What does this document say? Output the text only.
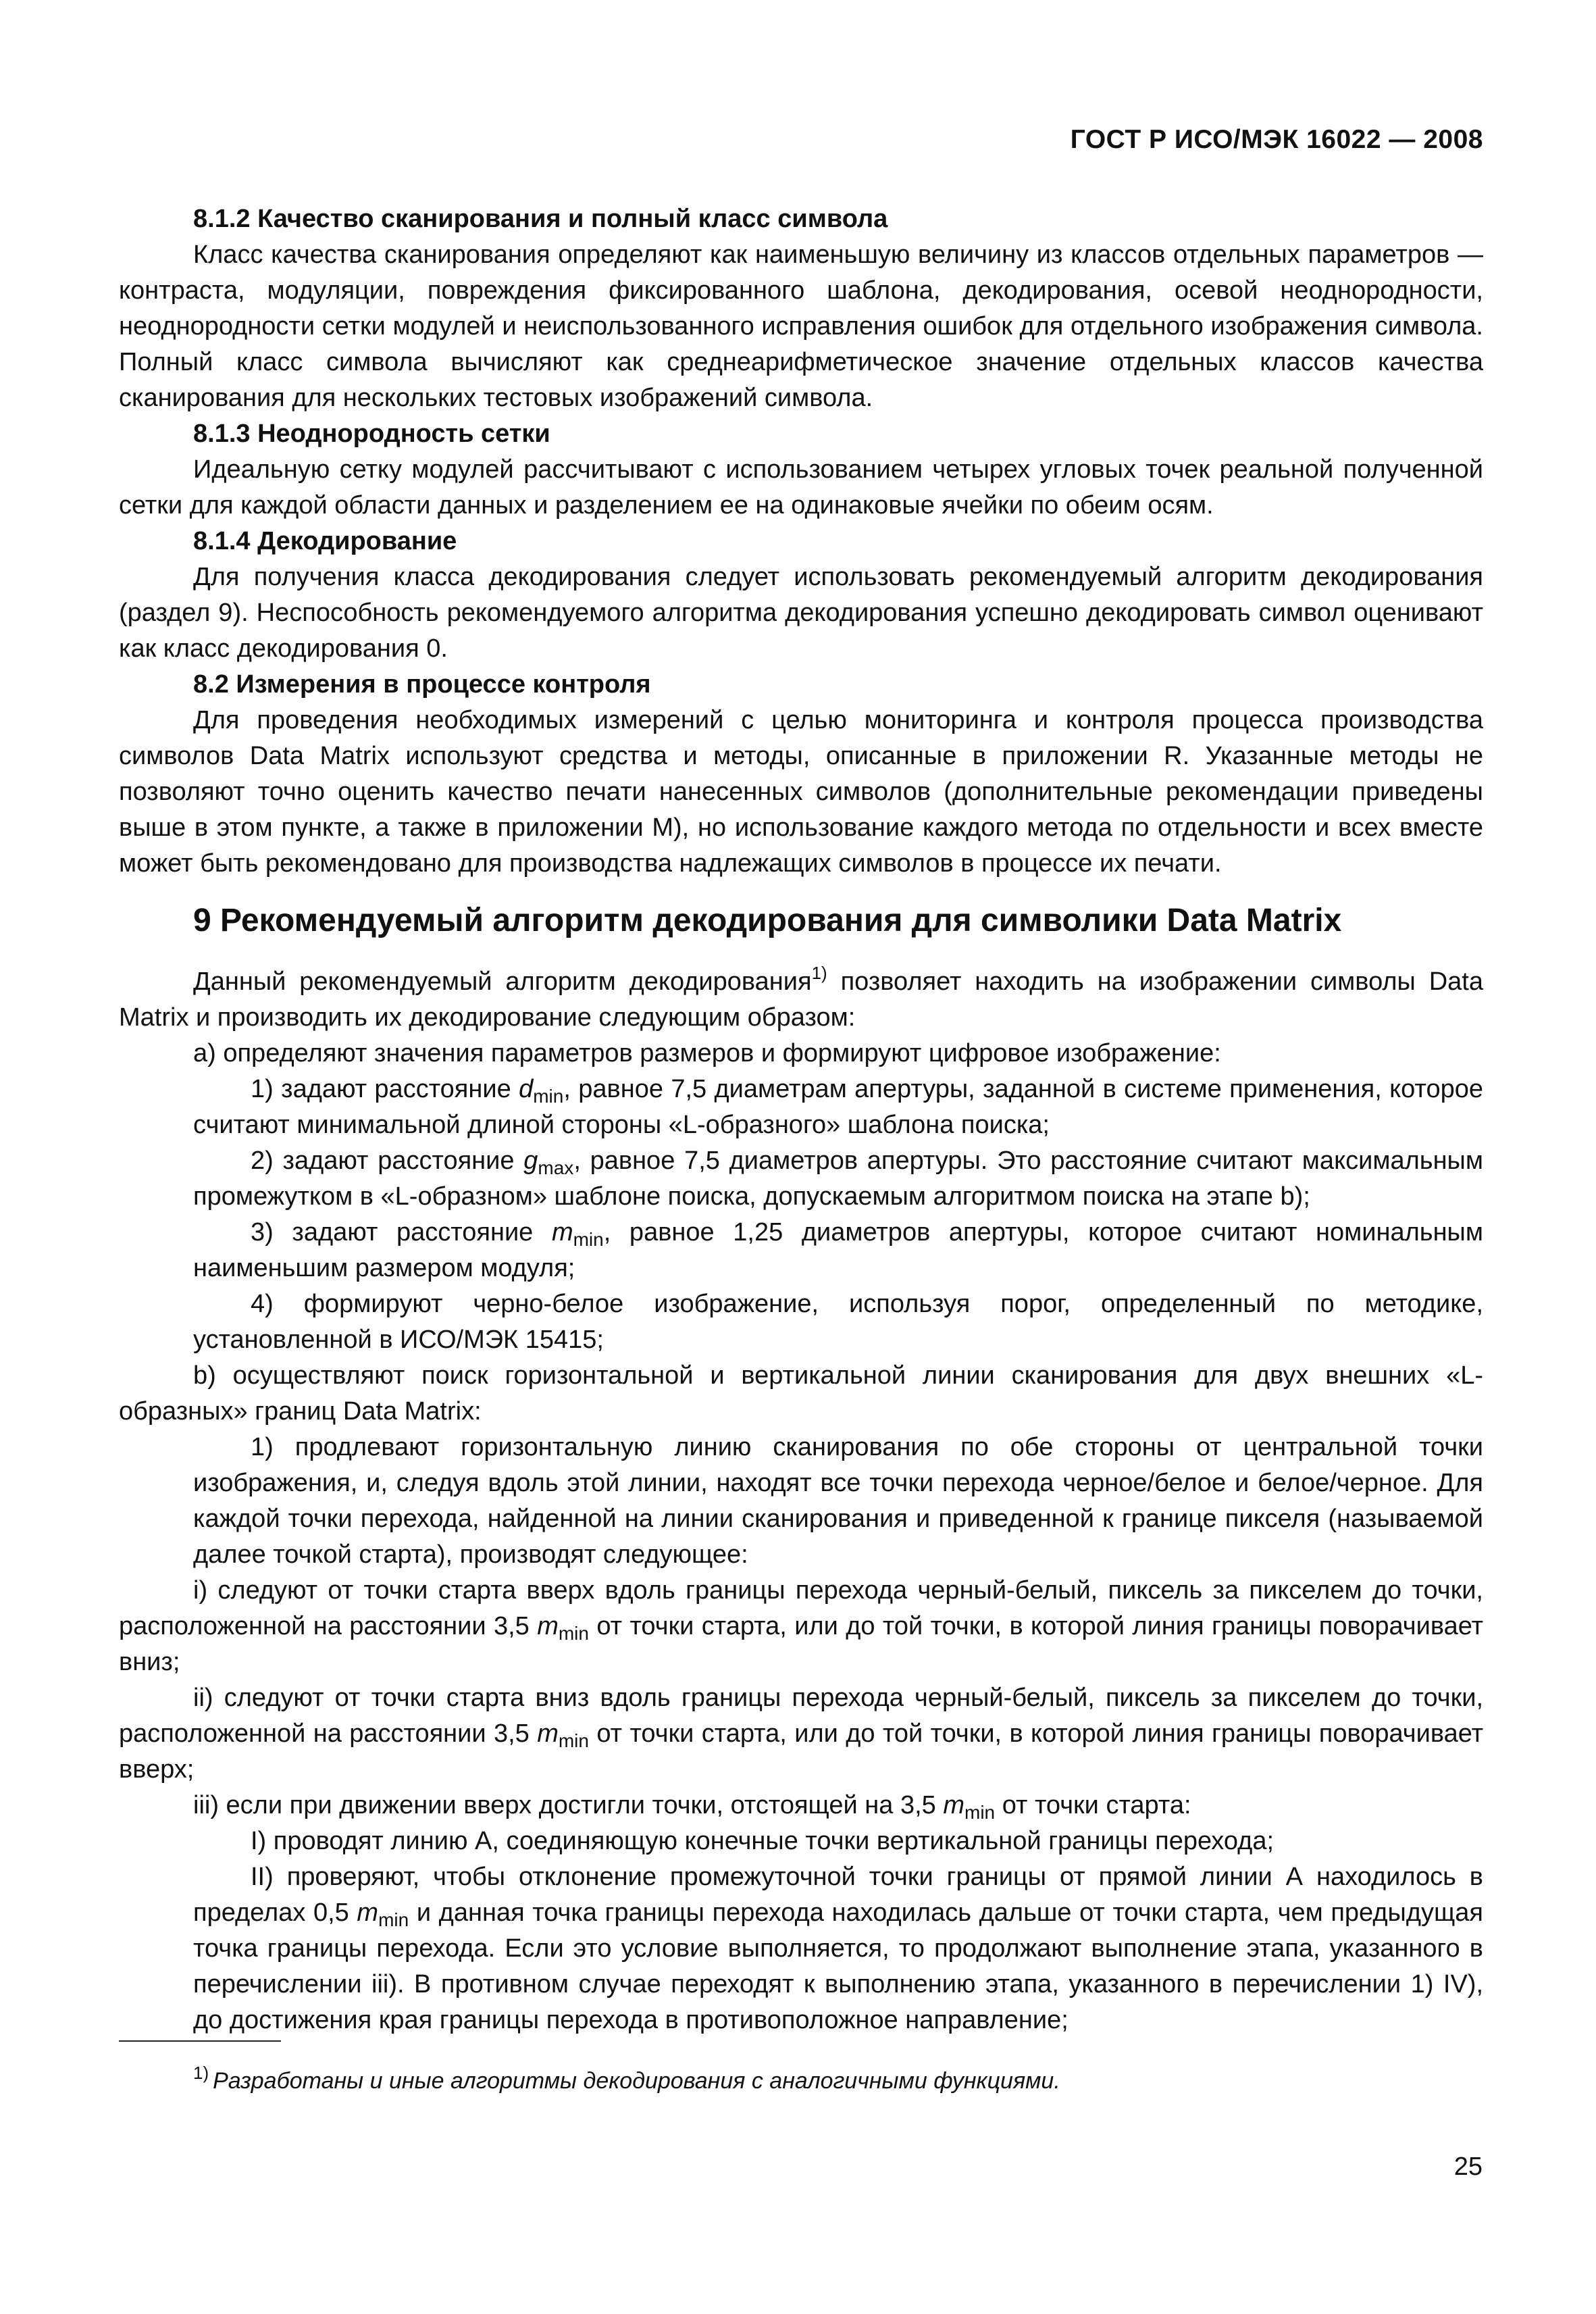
ГОСТ Р ИСО/МЭК 16022 — 2008

8.1.2 Качество сканирования и полный класс символа

Класс качества сканирования определяют как наименьшую величину из классов отдельных параметров — контраста, модуляции, повреждения фиксированного шаблона, декодирования, осевой неоднородности, неоднородности сетки модулей и неиспользованного исправления ошибок для отдельного изображения символа. Полный класс символа вычисляют как среднеарифметическое значение отдельных классов качества сканирования для нескольких тестовых изображений символа.

8.1.3 Неоднородность сетки

Идеальную сетку модулей рассчитывают с использованием четырех угловых точек реальной полученной сетки для каждой области данных и разделением ее на одинаковые ячейки по обеим осям.

8.1.4 Декодирование

Для получения класса декодирования следует использовать рекомендуемый алгоритм декодирования (раздел 9). Неспособность рекомендуемого алгоритма декодирования успешно декодировать символ оценивают как класс декодирования 0.

8.2 Измерения в процессе контроля

Для проведения необходимых измерений с целью мониторинга и контроля процесса производства символов Data Matrix используют средства и методы, описанные в приложении R. Указанные методы не позволяют точно оценить качество печати нанесенных символов (дополнительные рекомендации приведены выше в этом пункте, а также в приложении М), но использование каждого метода по отдельности и всех вместе может быть рекомендовано для производства надлежащих символов в процессе их печати.

9 Рекомендуемый алгоритм декодирования для символики Data Matrix

Данный рекомендуемый алгоритм декодирования$^{1)}$ позволяет находить на изображении символы Data Matrix и производить их декодирование следующим образом:

а) определяют значения параметров размеров и формируют цифровое изображение:

1) задают расстояние $d_{min}$, равное 7,5 диаметрам апертуры, заданной в системе применения, которое считают минимальной длиной стороны «L-образного» шаблона поиска;

2) задают расстояние $g_{max}$, равное 7,5 диаметров апертуры. Это расстояние считают максимальным промежутком в «L-образном» шаблоне поиска, допускаемым алгоритмом поиска на этапе b);

3) задают расстояние $m_{min}$, равное 1,25 диаметров апертуры, которое считают номинальным наименьшим размером модуля;

4) формируют черно-белое изображение, используя порог, определенный по методике, установленной в ИСО/МЭК 15415;

b) осуществляют поиск горизонтальной и вертикальной линии сканирования для двух внешних «L-образных» границ Data Matrix:

1) продлевают горизонтальную линию сканирования по обе стороны от центральной точки изображения, и, следуя вдоль этой линии, находят все точки перехода черное/белое и белое/черное. Для каждой точки перехода, найденной на линии сканирования и приведенной к границе пикселя (называемой далее точкой старта), производят следующее:

i) следуют от точки старта вверх вдоль границы перехода черный-белый, пиксель за пикселем до точки, расположенной на расстоянии 3,5 $m_{min}$ от точки старта, или до той точки, в которой линия границы поворачивает вниз;

ii) следуют от точки старта вниз вдоль границы перехода черный-белый, пиксель за пикселем до точки, расположенной на расстоянии 3,5 $m_{min}$ от точки старта, или до той точки, в которой линия границы поворачивает вверх;

iii) если при движении вверх достигли точки, отстоящей на 3,5 $m_{min}$ от точки старта:

I) проводят линию А, соединяющую конечные точки вертикальной границы перехода;

II) проверяют, чтобы отклонение промежуточной точки границы от прямой линии А находилось в пределах 0,5 $m_{min}$ и данная точка границы перехода находилась дальше от точки старта, чем предыдущая точка границы перехода. Если это условие выполняется, то продолжают выполнение этапа, указанного в перечислении iii). В противном случае переходят к выполнению этапа, указанного в перечислении 1) IV), до достижения края границы перехода в противоположное направление;

$^{1)}$ Разработаны и иные алгоритмы декодирования с аналогичными функциями.
25
